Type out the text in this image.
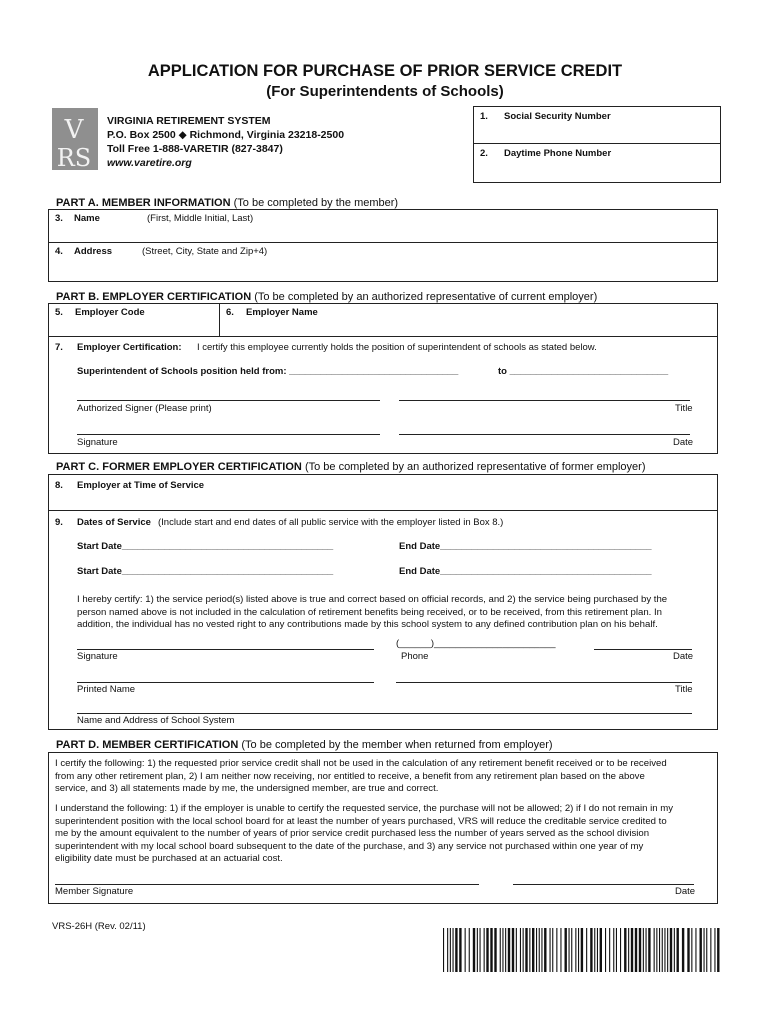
APPLICATION FOR PURCHASE OF PRIOR SERVICE CREDIT
(For Superintendents of Schools)
V
RS
VIRGINIA RETIREMENT SYSTEM
P.O. Box 2500 ◆ Richmond, Virginia 23218-2500
Toll Free 1-888-VARETIR (827-3847)
www.varetire.org
1. Social Security Number
2. Daytime Phone Number
PART A. MEMBER INFORMATION (To be completed by the member)
3. Name	(First, Middle Initial, Last)
4. Address	(Street, City, State and Zip+4)
PART B. EMPLOYER CERTIFICATION (To be completed by an authorized representative of current employer)
5. Employer Code	6. Employer Name
7. Employer Certification: I certify this employee currently holds the position of superintendent of schools as stated below.
Superintendent of Schools position held from: ________________________________	to ______________________________
Authorized Signer (Please print)	Title
Signature	Date
PART C. FORMER EMPLOYER CERTIFICATION (To be completed by an authorized representative of former employer)
8. Employer at Time of Service
9. Dates of Service (Include start and end dates of all public service with the employer listed in Box 8.)
Start Date________________________________________	End Date________________________________________
Start Date________________________________________	End Date________________________________________
I hereby certify: 1) the service period(s) listed above is true and correct based on official records, and 2) the service being purchased by the
person named above is not included in the calculation of retirement benefits being received, or to be received, from this retirement plan. In
addition, the individual has no vested right to any contributions made by this school system to any defined contribution plan on his behalf.
(______)_______________________
Signature	Phone	Date
Printed Name	Title
Name and Address of School System
PART D. MEMBER CERTIFICATION (To be completed by the member when returned from employer)
I certify the following: 1) the requested prior service credit shall not be used in the calculation of any retirement benefit received or to be received
from any other retirement plan, 2) I am neither now receiving, nor entitled to receive, a benefit from any retirement plan based on the above
service, and 3) all statements made by me, the undersigned member, are true and correct.
I understand the following: 1) if the employer is unable to certify the requested service, the purchase will not be allowed; 2) if I do not remain in my
superintendent position with the local school board for at least the number of years purchased, VRS will reduce the creditable service credited to
me by the amount equivalent to the number of years of prior service credit purchased less the number of years served as the school division
superintendent with my local school board subsequent to the date of the purchase, and 3) any service not purchased within one year of my
eligibility date must be purchased at an actuarial cost.
Member Signature	Date
VRS-26H (Rev. 02/11)
